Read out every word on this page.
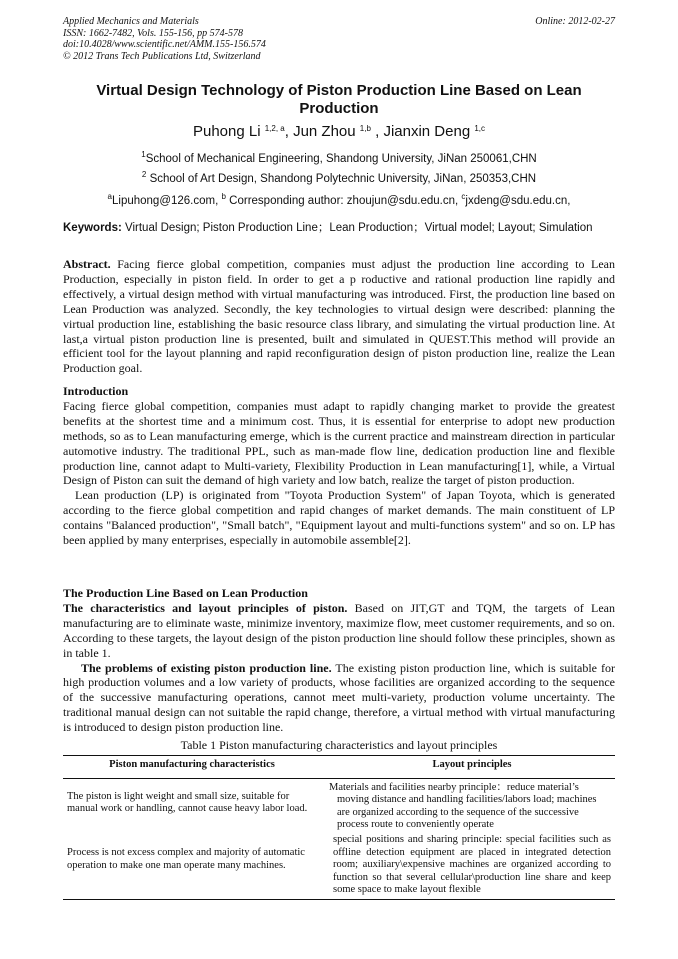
Applied Mechanics and Materials
ISSN: 1662-7482, Vols. 155-156, pp 574-578
doi:10.4028/www.scientific.net/AMM.155-156.574
© 2012 Trans Tech Publications Ltd, Switzerland
Online: 2012-02-27
Virtual Design Technology of Piston Production Line Based on Lean Production
Puhong Li $^{1,2, a}$, Jun Zhou $^{1,b}$ , Jianxin Deng $^{1,c}$
$^1$School of Mechanical Engineering, Shandong University, JiNan 250061,CHN
$^2$ School of Art Design, Shandong Polytechnic University, JiNan, 250353,CHN
$^a$Lipuhong@126.com, $^b$ Corresponding author: zhoujun@sdu.edu.cn, $^c$jxdeng@sdu.edu.cn,
Keywords: Virtual Design; Piston Production Line；Lean Production；Virtual model; Layout; Simulation

Abstract. Facing fierce global competition, companies must adjust the production line according to Lean Production, especially in piston field. In order to get a p roductive and rational production line rapidly and effectively, a virtual design method with virtual manufacturing was introduced. First, the production line based on Lean Production was analyzed. Secondly, the key technologies to virtual design were described: planning the virtual production line, establishing the basic resource class library, and simulating the virtual production line. At last,a virtual piston production line is presented, built and simulated in QUEST.This method will provide an efficient tool for the layout planning and rapid reconfiguration design of piston production line, realize the Lean Production goal.

Introduction

Facing fierce global competition, companies must adapt to rapidly changing market to provide the greatest benefits at the shortest time and a minimum cost. Thus, it is essential for enterprise to adopt new production methods, so as to Lean manufacturing emerge, which is the current practice and mainstream direction in particular automotive industry. The traditional PPL, such as man-made flow line, dedication production line and flexible production line, cannot adapt to Multi-variety, Flexibility Production in Lean manufacturing[1], while, a Virtual Design of Piston can suit the demand of high variety and low batch, realize the target of piston production.

Lean production (LP) is originated from "Toyota Production System" of Japan Toyota, which is generated according to the fierce global competition and rapid changes of market demands. The main constituent of LP contains "Balanced production", "Small batch", "Equipment layout and multi-functions system" and so on. LP has been applied by many enterprises, especially in automobile assemble[2].

The Production Line Based on Lean Production

The characteristics and layout principles of piston. Based on JIT,GT and TQM, the targets of Lean manufacturing are to eliminate waste, minimize inventory, maximize flow, meet customer requirements, and so on. According to these targets, the layout design of the piston production line should follow these principles, shown as in table 1.

The problems of existing piston production line. The existing piston production line, which is suitable for high production volumes and a low variety of products, whose facilities are organized according to the sequence of the successive manufacturing operations, cannot meet multi-variety, production volume uncertainty. The traditional manual design can not suitable the rapid change, therefore, a virtual method with virtual manufacturing is introduced to design piston production line.

Table 1 Piston manufacturing characteristics and layout principles
Piston manufacturing characteristics	Layout principles
The piston is light weight and small size, suitable for manual work or handling, cannot cause heavy labor load.	Materials and facilities nearby principle：reduce material’s moving distance and handling facilities/labors load; machines are organized according to the sequence of the successive process route to conveniently operate
Process is not excess complex and majority of automatic operation to make one man operate many machines.	special positions and sharing principle: special facilities such as offline detection equipment are placed in integrated detection room; auxiliary\expensive machines are organized according to function so that several cellular\production line share and keep some space to make layout flexible
